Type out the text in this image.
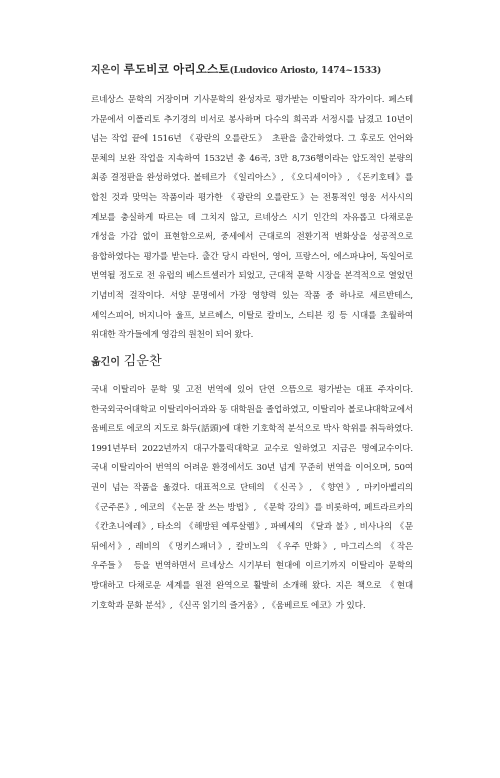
지은이 루도비코 아리오스토(Ludovico Ariosto, 1474~1533)

르네상스 문학의 거장이며 기사문학의 완성자로 평가받는 이탈리아 작가이다. 페스테 가문에서 이폴리토 추기경의 비서로 봉사하며 다수의 희곡과 서정시를 남겼고 10년이 넘는 작업 끝에 1516년 《광란의 오를란도》 초판을 출간하였다. 그 후로도 언어와 문체의 보완 작업을 지속하여 1532년 총 46곡, 3만 8,736행이라는 압도적인 분량의 최종 결정판을 완성하였다. 볼테르가 《일리아스》, 《오디세이아》, 《돈키호테》를 합친 것과 맞먹는 작품이라 평가한 《광란의 오를란도》는 전통적인 영웅 서사시의 계보를 충실하게 따르는 데 그치지 않고, 르네상스 시기 인간의 자유롭고 다채로운 개성을 가감 없이 표현함으로써, 중세에서 근대로의 전환기적 변화상을 성공적으로 융합하였다는 평가를 받는다. 출간 당시 라틴어, 영어, 프랑스어, 에스파냐어, 독일어로 번역될 정도로 전 유럽의 베스트셀러가 되었고, 근대적 문학 시장을 본격적으로 열었던 기념비적 걸작이다. 서양 문명에서 가장 영향력 있는 작품 중 하나로 세르반테스, 셰익스피어, 버지니아 울프, 보르헤스, 이탈로 칼비노, 스티븐 킹 등 시대를 초월하여 위대한 작가들에게 영감의 원천이 되어 왔다.

옮긴이 김운찬

국내 이탈리아 문학 및 고전 번역에 있어 단연 으뜸으로 평가받는 대표 주자이다. 한국외국어대학교 이탈리아어과와 동 대학원을 졸업하였고, 이탈리아 볼로냐대학교에서 움베르토 에코의 지도로 화두(話頭)에 대한 기호학적 분석으로 박사 학위를 취득하였다. 1991년부터 2022년까지 대구가톨릭대학교 교수로 일하였고 지금은 명예교수이다. 국내 이탈리아어 번역의 어려운 환경에서도 30년 넘게 꾸준히 번역을 이어오며, 50여 권이 넘는 작품을 옮겼다. 대표적으로 단테의 《신곡》, 《향연》, 마키아벨리의 《군주론》, 에코의 《논문 잘 쓰는 방법》, 《문학 강의》를 비롯하여, 페트라르카의 《칸초니에레》, 타소의 《해방된 예루살렘》, 파베세의 《달과 불》, 비사나의 《문 뒤에서》, 레비의 《멍키스패너》, 칼비노의 《우주 만화》, 마그리스의 《작은 우주들》 등을 번역하면서 르네상스 시기부터 현대에 이르기까지 이탈리아 문학의 방대하고 다채로운 세계를 원전 완역으로 활발히 소개해 왔다. 지은 책으로 《현대 기호학과 문화 분석》, 《신곡 읽기의 즐거움》, 《움베르토 에코》가 있다.
